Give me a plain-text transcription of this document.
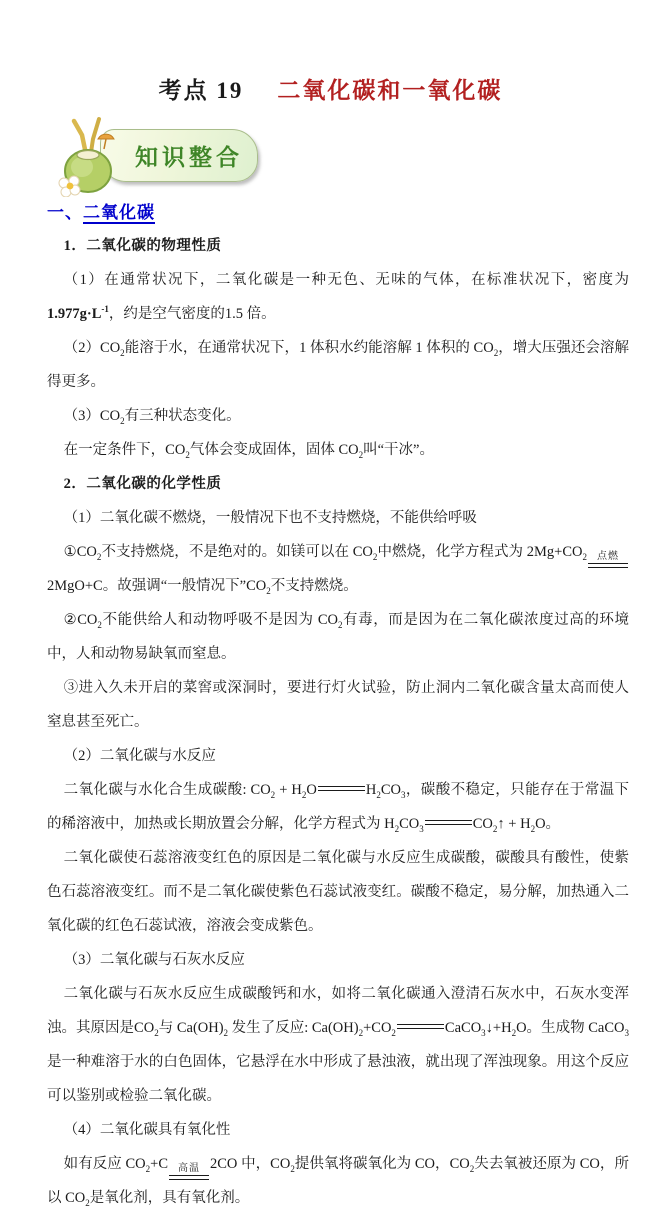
考点 19 二氧化碳和一氧化碳
知识整合
一、二氧化碳

1．二氧化碳的物理性质

（1）在通常状况下，二氧化碳是一种无色、无味的气体，在标准状况下，密度为$1.977g\cdot L^{-1}$，约是空气密度的1.5 倍。

$(2)CO_2$能溶于水，在通常状况下，1 体积水约能溶解 1 体积的 $CO_2$，增大压强还会溶解得更多。

$(3)CO_2$有三种状态变化。

在一定条件下，$CO_2$气体会变成固体，固体 $CO_2$叫“干冰”。

2．二氧化碳的化学性质

（1）二氧化碳不燃烧，一般情况下也不支持燃烧，不能供给呼吸

$①CO_2$不支持燃烧，不是绝对的。如镁可以在 $CO_2$中燃烧，化学方程式为 $2Mg+CO_2$ 点燃
2MgO+C。故强调“一般情况下$”CO_2$不支持燃烧。

$②CO_2$不能供给人和动物呼吸不是因为 $CO_2$有毒，而是因为在二氧化碳浓度过高的环境中，人和动物易缺氧而窒息。

③进入久未开启的菜窖或深洞时，要进行灯火试验，防止洞内二氧化碳含量太高而使人窒息甚至死亡。

（2）二氧化碳与水反应

二氧化碳与水化合生成碳酸: $CO_2 + H_2O$	$H_2CO_3$，碳酸不稳定，只能存在于常温下的稀溶液中，加热或长期放置会分解，化学方程式为 $H_2CO_3$	$CO_2↑ + H_2O$。

二氧化碳使石蕊溶液变红色的原因是二氧化碳与水反应生成碳酸，碳酸具有酸性，使紫色石蕊溶液变红。而不是二氧化碳使紫色石蕊试液变红。碳酸不稳定，易分解，加热通入二氧化碳的红色石蕊试液，溶液会变成紫色。

（3）二氧化碳与石灰水反应

二氧化碳与石灰水反应生成碳酸钙和水，如将二氧化碳通入澄清石灰水中，石灰水变浑浊。其原因是$CO_2$与 $Ca(OH)_2$ 发生了反应: $Ca(OH)_2+CO_2$	$CaCO_3↓+H_2O$。生成物 CaCO$_3$ 是一种难溶于水的白色固体，它悬浮在水中形成了悬浊液，就出现了浑浊现象。用这个反应可以鉴别或检验二氧化碳。

（4）二氧化碳具有氧化性

如有反应 $CO_2+C$ 高温 2CO 中，$CO_2$提供氧将碳氧化为 CO，$CO_2$失去氧被还原为 CO，所以 $CO_2$是氧化剂，具有氧化剂。
